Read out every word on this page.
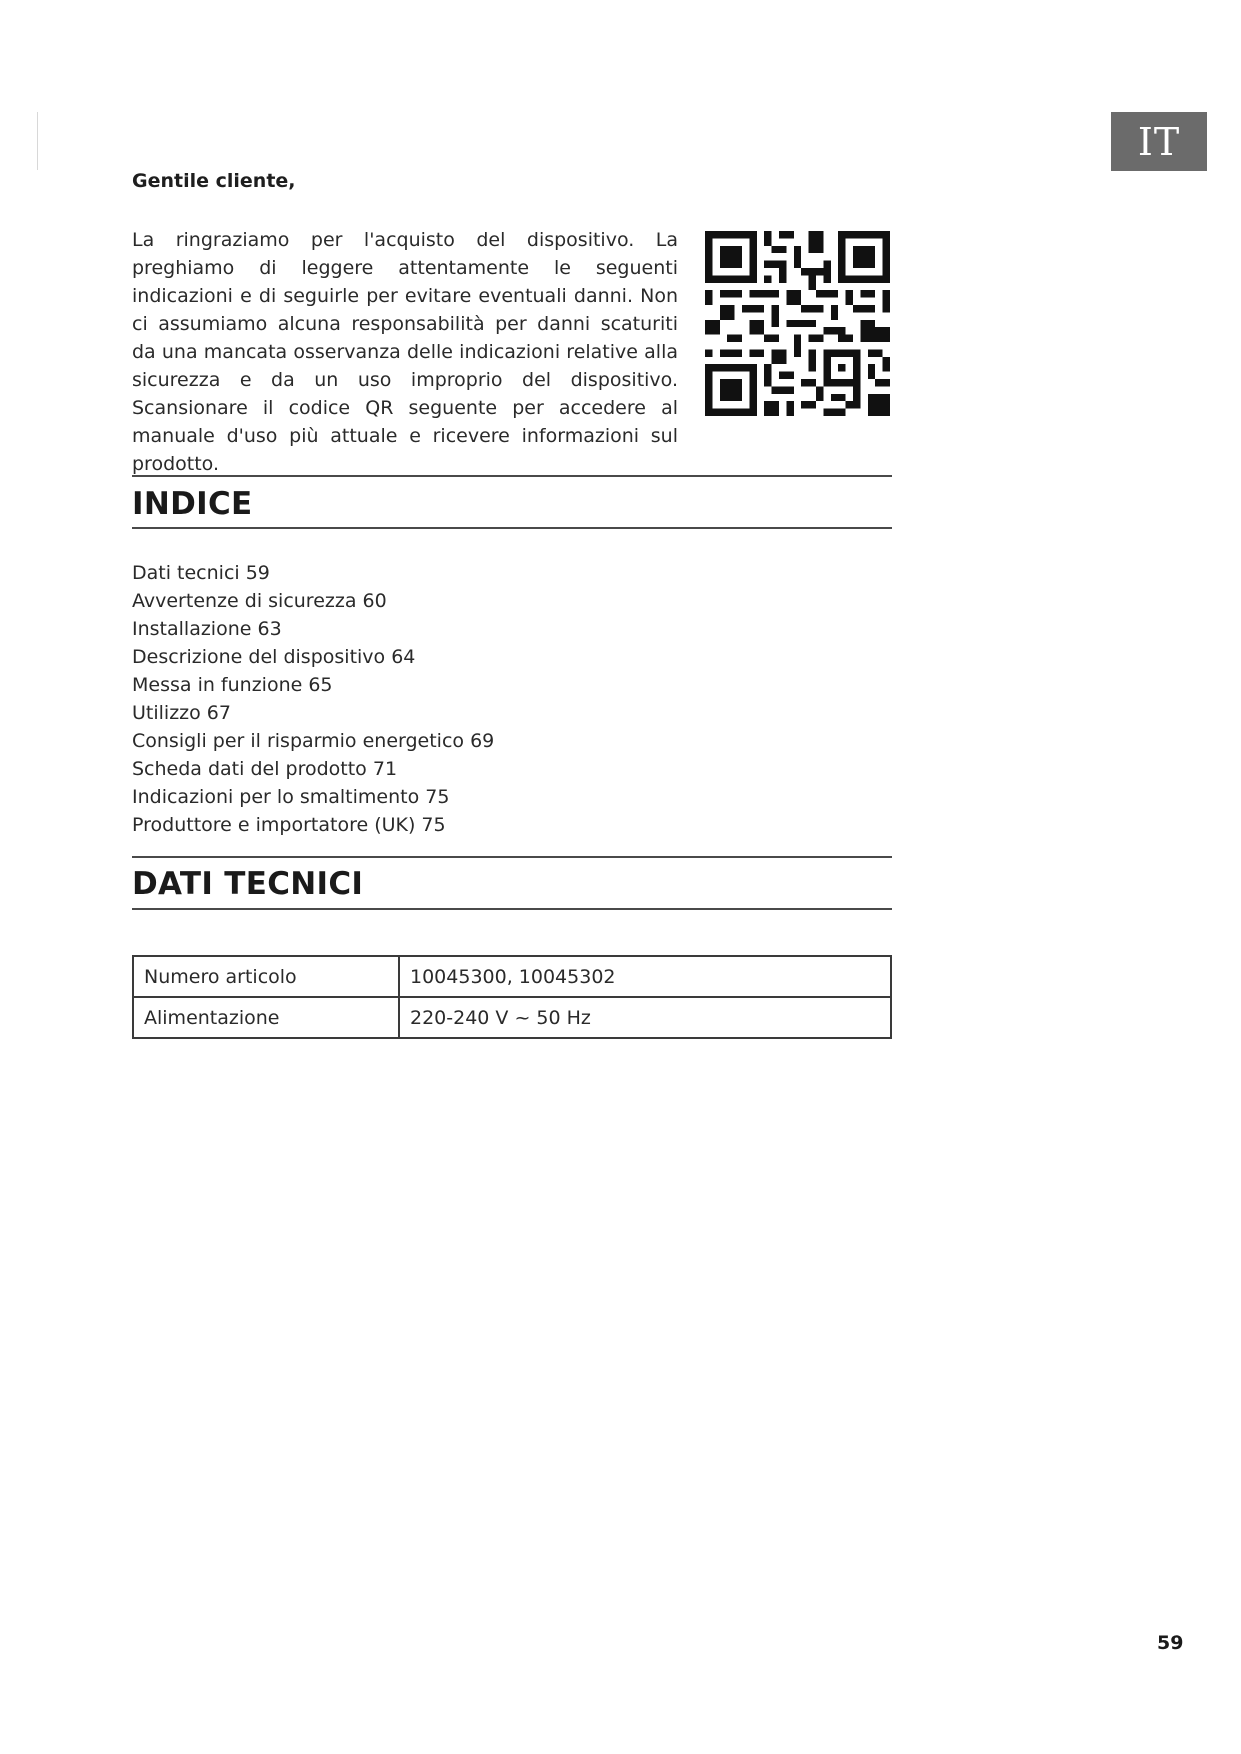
IT
Gentile cliente,

La ringraziamo per l'acquisto del dispositivo. La preghiamo di leggere attentamente le seguenti indicazioni e di seguirle per evitare eventuali danni. Non ci assumiamo alcuna responsabilità per danni scaturiti da una mancata osservanza delle indicazioni relative alla sicurezza e da un uso improprio del dispositivo. Scansionare il codice QR seguente per accedere al manuale d'uso più attuale e ricevere informazioni sul prodotto.

INDICE
Dati tecnici 59
Avvertenze di sicurezza 60
Installazione 63
Descrizione del dispositivo 64
Messa in funzione 65
Utilizzo 67
Consigli per il risparmio energetico 69
Scheda dati del prodotto 71
Indicazioni per lo smaltimento 75
Produttore e importatore (UK) 75
DATI TECNICI
Numero articolo	10045300, 10045302
Alimentazione	220-240 V ~ 50 Hz
59
